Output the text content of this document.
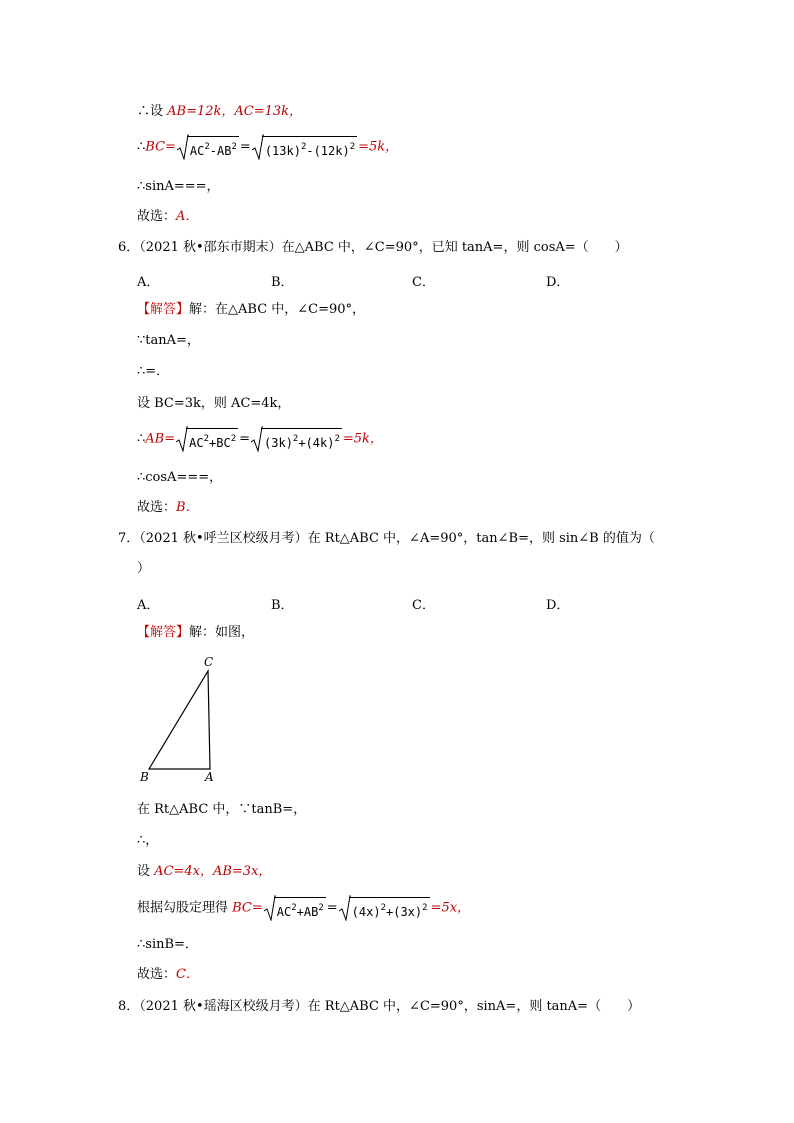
∴设 AB=12k，AC=13k，
∴BC= $AC^2-AB^2 = (13k)^2-(12k)^2 =5k$，
∴sinA===，
故选：A．
6．（2021 秋•邵东市期末）在△ABC 中，∠C=90°，已知 tanA=，则 cosA=（　　）
A．	B．	C．	D．
【解答】解：在△ABC 中，∠C=90°，
∵tanA=，
∴=．
设 BC=3k，则 AC=4k，
∴AB= $AC^2+BC^2 = (3k)^2+(4k)^2 =5k$，
∴cosA===，
故选：B．
7．（2021 秋•呼兰区校级月考）在 Rt△ABC 中，∠A=90°，tan∠B=，则 sin∠B 的值为（
）
A．	B．	C．	D．
【解答】解：如图，
C
B	A
在 Rt△ABC 中，∵tanB=，
∴，
设 AC=4x，AB=3x，
根据勾股定理得 $BC= AC^2+AB^2 = (4x)^2+(3x)^2 =5x$，
∴sinB=．
故选：C．
8．（2021 秋•瑶海区校级月考）在 Rt△ABC 中，∠C=90°，sinA=，则 tanA=（　　）
